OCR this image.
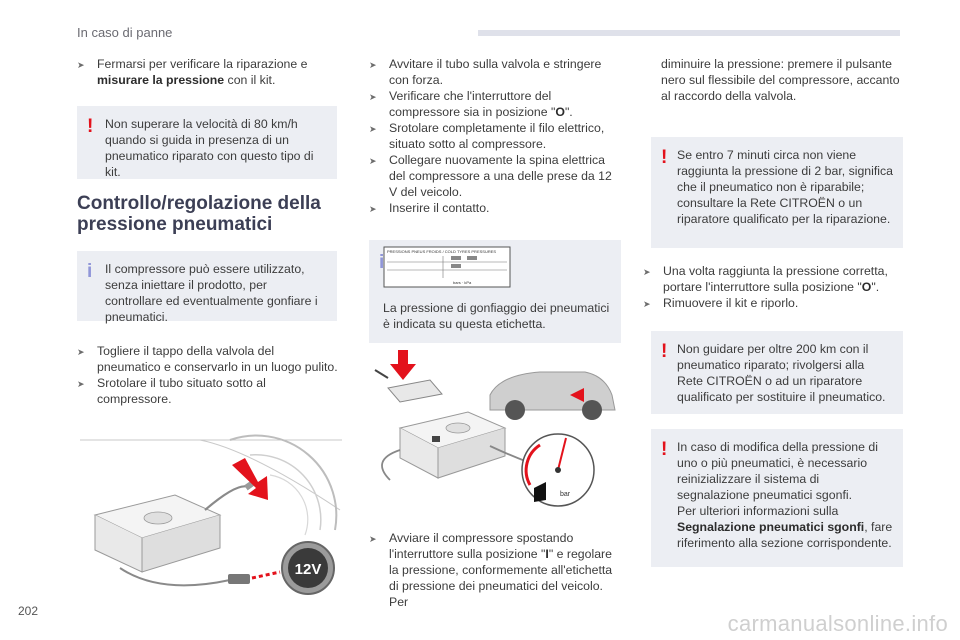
In caso di panne
➤ Fermarsi per verificare la riparazione e misurare la pressione con il kit.
! Non superare la velocità di 80 km/h quando si guida in presenza di un pneumatico riparato con questo tipo di kit.
Controllo/regolazione della
pressione pneumatici
i Il compressore può essere utilizzato, senza iniettare il prodotto, per controllare ed eventualmente gonfiare i pneumatici.
➤ Togliere il tappo della valvola del pneumatico e conservarlo in un luogo pulito.
➤ Srotolare il tubo situato sotto al compressore.
12V
➤ Avvitare il tubo sulla valvola e stringere con forza.
➤ Verificare che l'interruttore del compressore sia in posizione "O".
➤ Srotolare completamente il filo elettrico, situato sotto al compressore.
➤ Collegare nuovamente la spina elettrica del compressore a una delle prese da 12 V del veicolo.
➤ Inserire il contatto.
i
PRESSIONS PNEUS FROIDS / COLD TYRES PRESSURES
bars · kPa
La pressione di gonfiaggio dei pneumatici è indicata su questa etichetta.
bar
➤ Avviare il compressore spostando l'interruttore sulla posizione "I" e regolare la pressione, conformemente all'etichetta di pressione dei pneumatici del veicolo. Per
diminuire la pressione: premere il pulsante nero sul flessibile del compressore, accanto al raccordo della valvola.
! Se entro 7 minuti circa non viene raggiunta la pressione di 2 bar, significa che il pneumatico non è riparabile; consultare la Rete CITROËN o un riparatore qualificato per la riparazione.
➤ Una volta raggiunta la pressione corretta, portare l'interruttore sulla posizione "O".
➤ Rimuovere il kit e riporlo.
! Non guidare per oltre 200 km con il pneumatico riparato; rivolgersi alla Rete CITROËN o ad un riparatore qualificato per sostituire il pneumatico.
! In caso di modifica della pressione di uno o più pneumatici, è necessario reinizializzare il sistema di segnalazione pneumatici sgonfi.
Per ulteriori informazioni sulla Segnalazione pneumatici sgonfi, fare riferimento alla sezione corrispondente.
202	carmanualsonline.info
